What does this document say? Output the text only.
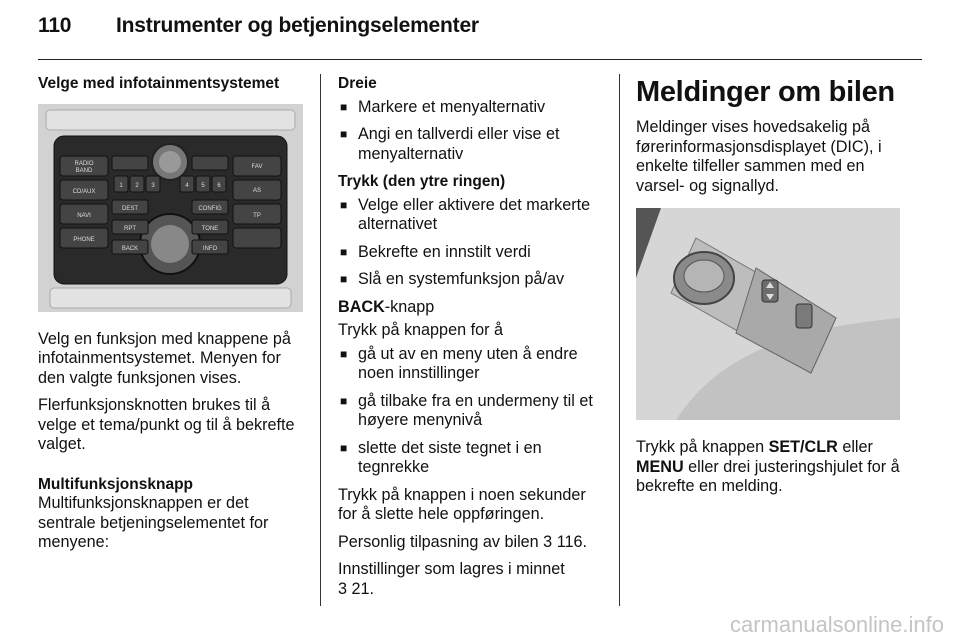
110 Instrumenter og betjeningselementer
Velge med infotainmentsystemet
RADIO
BAND
CD/AUX
NAVI
PHONE
1 2 3	4 5 6
DEST	CONFIG
RPT	TONE
BACK	INFO
FAV
AS
TP

Velg en funksjon med knappene på infotainmentsystemet. Menyen for den valgte funksjonen vises.

Flerfunksjonsknotten brukes til å velge et tema/punkt og til å bekrefte valget.

Multifunksjonsknapp

Multifunksjonsknappen er det sentrale betjeningselementet for menyene:

Dreie
■ Markere et menyalternativ
■ Angi en tallverdi eller vise et menyalternativ
Trykk (den ytre ringen)
■ Velge eller aktivere det markerte alternativet
■ Bekrefte en innstilt verdi
■ Slå en systemfunksjon på/av

BACK-knapp

Trykk på knappen for å

■ gå ut av en meny uten å endre noen innstillinger
■ gå tilbake fra en undermeny til et høyere menynivå
■ slette det siste tegnet i en tegnrekke

Trykk på knappen i noen sekunder for å slette hele oppføringen.

Personlig tilpasning av bilen 3 116.

Innstillinger som lagres i minnet
3 21.

Meldinger om bilen

Meldinger vises hovedsakelig på førerinformasjonsdisplayet (DIC), i enkelte tilfeller sammen med en varsel- og signallyd.

Trykk på knappen SET/CLR eller
MENU eller drei justeringshjulet for å bekrefte en melding.

carmanualsonline.info
